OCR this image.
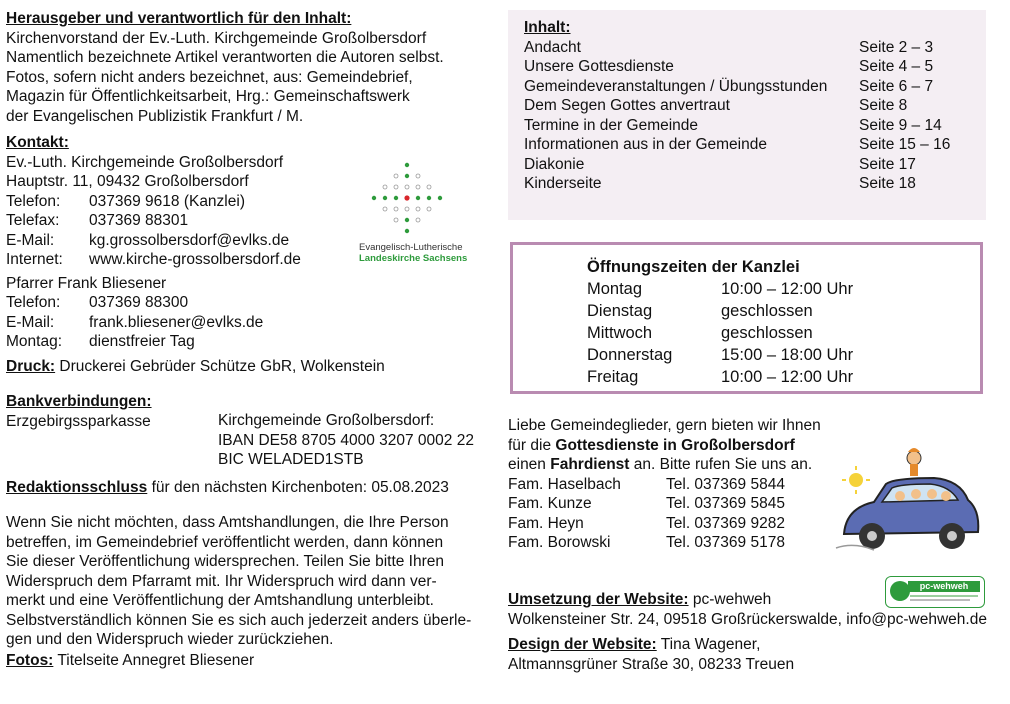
Herausgeber und verantwortlich für den Inhalt:
Kirchenvorstand der Ev.-Luth. Kirchgemeinde Großolbersdorf
Namentlich bezeichnete Artikel verantworten die Autoren selbst.
Fotos, sofern nicht anders bezeichnet, aus: Gemeindebrief,
Magazin für Öffentlichkeitsarbeit, Hrg.: Gemeinschaftswerk
der Evangelischen Publizistik Frankfurt / M.
Kontakt:
Ev.-Luth. Kirchgemeinde Großolbersdorf
Hauptstr. 11, 09432 Großolbersdorf
Telefon: 037369 9618 (Kanzlei)
Telefax: 037369 88301
E-Mail: kg.grossolbersdorf@evlks.de
Internet: www.kirche-grossolbersdorf.de
Pfarrer Frank Bliesener
Telefon: 037369 88300
E-Mail: frank.bliesener@evlks.de
Montag: dienstfreier Tag
Evangelisch-Lutherische
Landeskirche Sachsens
Druck: Druckerei Gebrüder Schütze GbR, Wolkenstein
Bankverbindungen:
Erzgebirgssparkasse	Kirchgemeinde Großolbersdorf:
IBAN DE58 8705 4000 3207 0002 22
BIC WELADED1STB
Redaktionsschluss für den nächsten Kirchenboten: 05.08.2023
Wenn Sie nicht möchten, dass Amtshandlungen, die Ihre Person
betreffen, im Gemeindebrief veröffentlicht werden, dann können
Sie dieser Veröffentlichung widersprechen. Teilen Sie bitte Ihren
Widerspruch dem Pfarramt mit. Ihr Widerspruch wird dann ver-
merkt und eine Veröffentlichung der Amtshandlung unterbleibt.
Selbstverständlich können Sie es sich auch jederzeit anders überle-
gen und den Widerspruch wieder zurückziehen.
Fotos: Titelseite Annegret Bliesener
Inhalt:
Andacht	Seite 2 – 3
Unsere Gottesdienste	Seite 4 – 5
Gemeindeveranstaltungen / Übungsstunden Seite 6 – 7
Dem Segen Gottes anvertraut	Seite 8
Termine in der Gemeinde	Seite 9 – 14
Informationen aus in der Gemeinde	Seite 15 – 16
Diakonie	Seite 17
Kinderseite	Seite 18
Öffnungszeiten der Kanzlei
Montag	10:00 – 12:00 Uhr
Dienstag	geschlossen
Mittwoch	geschlossen
Donnerstag	15:00 – 18:00 Uhr
Freitag	10:00 – 12:00 Uhr
Liebe Gemeindeglieder, gern bieten wir Ihnen
für die Gottesdienste in Großolbersdorf
einen Fahrdienst an. Bitte rufen Sie uns an.
Fam. Haselbach	Tel. 037369 5844
Fam. Kunze	Tel. 037369 5845
Fam. Heyn	Tel. 037369 9282
Fam. Borowski	Tel. 037369 5178
pc-wehweh
Umsetzung der Website: pc-wehweh
Wolkensteiner Str. 24, 09518 Großrückerswalde, info@pc-wehweh.de
Design der Website: Tina Wagener,
Altmannsgrüner Straße 30, 08233 Treuen
